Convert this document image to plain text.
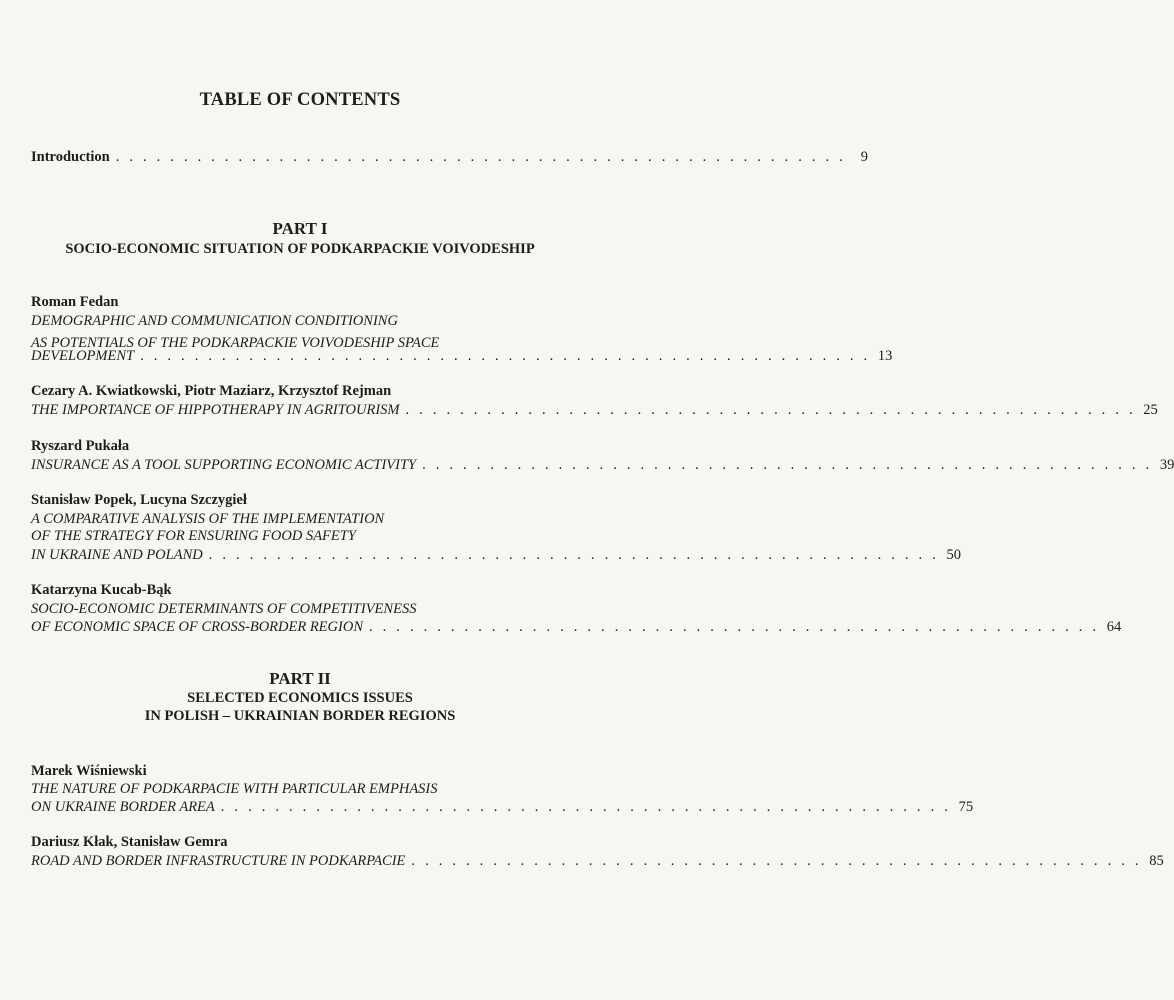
TABLE OF CONTENTS
Introduction . . . . . . . . . . . . . . . . . . . . . . . . . . . . . . . . . . . . . . . . . . . . . . . . . . . . . .	9
PART I
SOCIO-ECONOMIC SITUATION OF PODKARPACKIE VOIVODESHIP
Roman Fedan
DEMOGRAPHIC AND COMMUNICATION CONDITIONING
AS POTENTIALS OF THE PODKARPACKIE VOIVODESHIP SPACE
DEVELOPMENT . . . . . . . . . . . . . . . . . . . . . . . . . . . . . . . . . . . . . . . . . . . . . . . . . . . . . . 13
Cezary A. Kwiatkowski, Piotr Maziarz, Krzysztof Rejman
THE IMPORTANCE OF HIPPOTHERAPY IN AGRITOURISM . . . . . . . . . . . . . . . . . . . . . . . . . . . . . . . . . . . . . . . . . . . . . . . . . . . . . . 25
Ryszard Pukała
INSURANCE AS A TOOL SUPPORTING ECONOMIC ACTIVITY . . . . . . . . . . . . . . . . . . . . . . . . . . . . . . . . . . . . . . . . . . . . . . . . . . . . . . 39
Stanisław Popek, Lucyna Szczygieł
A COMPARATIVE ANALYSIS OF THE IMPLEMENTATION
OF THE STRATEGY FOR ENSURING FOOD SAFETY
IN UKRAINE AND POLAND . . . . . . . . . . . . . . . . . . . . . . . . . . . . . . . . . . . . . . . . . . . . . . . . . . . . . . 50
Katarzyna Kucab-Bąk
SOCIO-ECONOMIC DETERMINANTS OF COMPETITIVENESS
OF ECONOMIC SPACE OF CROSS-BORDER REGION . . . . . . . . . . . . . . . . . . . . . . . . . . . . . . . . . . . . . . . . . . . . . . . . . . . . . . 64
PART II
SELECTED ECONOMICS ISSUES
IN POLISH – UKRAINIAN BORDER REGIONS
Marek Wiśniewski
THE NATURE OF PODKARPACIE WITH PARTICULAR EMPHASIS
ON UKRAINE BORDER AREA . . . . . . . . . . . . . . . . . . . . . . . . . . . . . . . . . . . . . . . . . . . . . . . . . . . . . . 75
Dariusz Kłak, Stanisław Gemra
ROAD AND BORDER INFRASTRUCTURE IN PODKARPACIE . . . . . . . . . . . . . . . . . . . . . . . . . . . . . . . . . . . . . . . . . . . . . . . . . . . . . . 85
